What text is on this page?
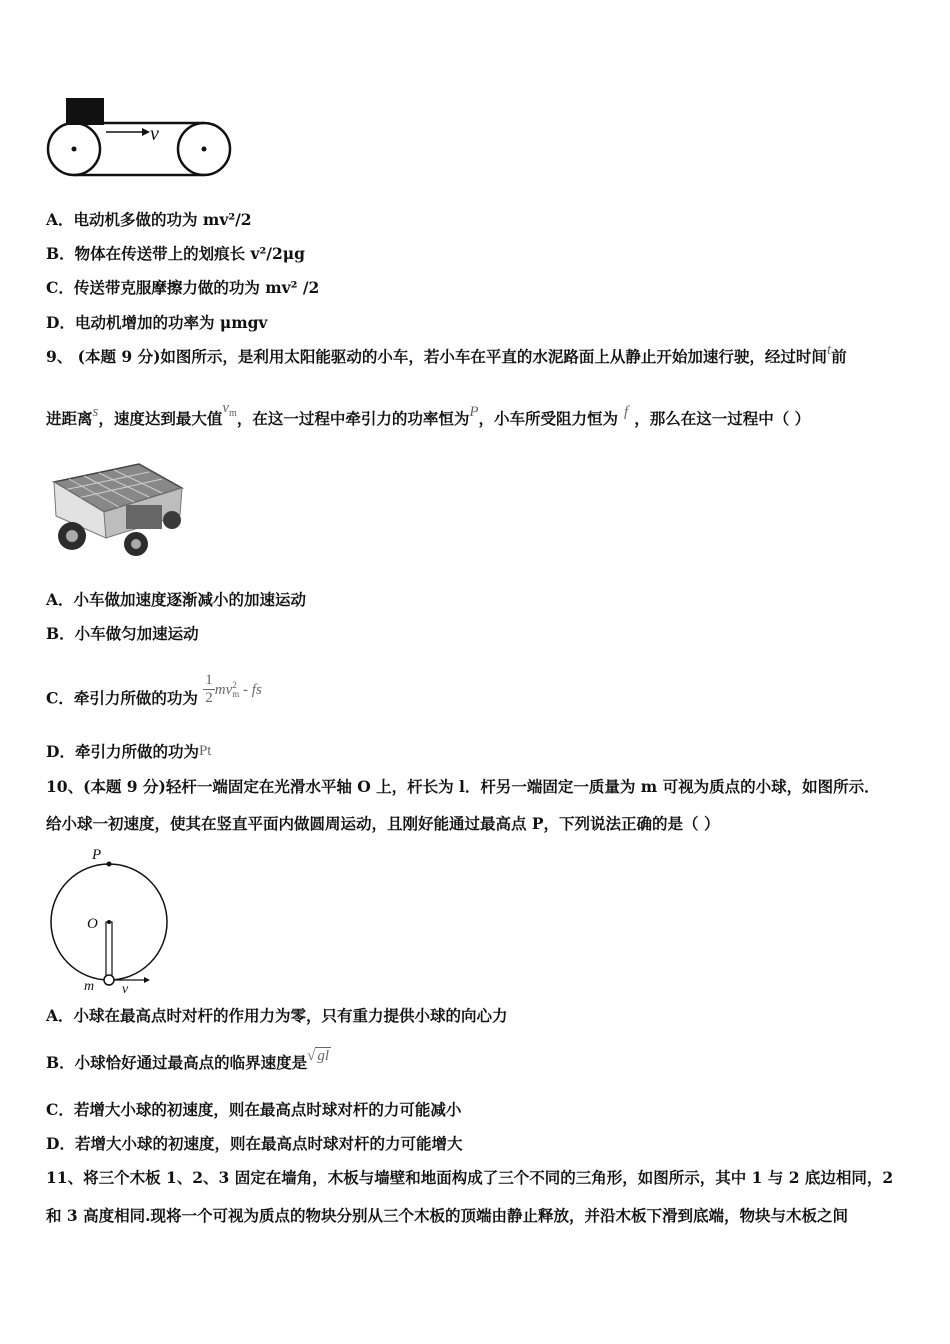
v
A．电动机多做的功为 mv²/2
B．物体在传送带上的划痕长 v²/2μg
C．传送带克服摩擦力做的功为 mv² /2
D．电动机增加的功率为 μmgv
9、 (本题 9 分)如图所示，是利用太阳能驱动的小车，若小车在平直的水泥路面上从静止开始加速行驶，经过时间t前
进距离s，速度达到最大值$v_m$，在这一过程中牵引力的功率恒为P，小车所受阻力恒为 f ，那么在这一过程中（ ）
A．小车做加速度逐渐减小的加速运动
B．小车做匀加速运动
C．牵引力所做的功为 $\frac{1}{2}$ mv 2
m - fs
D．牵引力所做的功为Pt
10、(本题 9 分)轻杆一端固定在光滑水平轴 O 上，杆长为 l．杆另一端固定一质量为 m 可视为质点的小球，如图所示．
给小球一初速度，使其在竖直平面内做圆周运动，且刚好能通过最高点 P，下列说法正确的是（ ）
P
O
m v
A．小球在最高点时对杆的作用力为零，只有重力提供小球的向心力
B．小球恰好通过最高点的临界速度是√ gl
C．若增大小球的初速度，则在最高点时球对杆的力可能减小
D．若增大小球的初速度，则在最高点时球对杆的力可能增大
11、将三个木板 1、2、3 固定在墙角，木板与墙壁和地面构成了三个不同的三角形，如图所示，其中 1 与 2 底边相同，2
和 3 高度相同.现将一个可视为质点的物块分别从三个木板的顶端由静止释放，并沿木板下滑到底端，物块与木板之间
